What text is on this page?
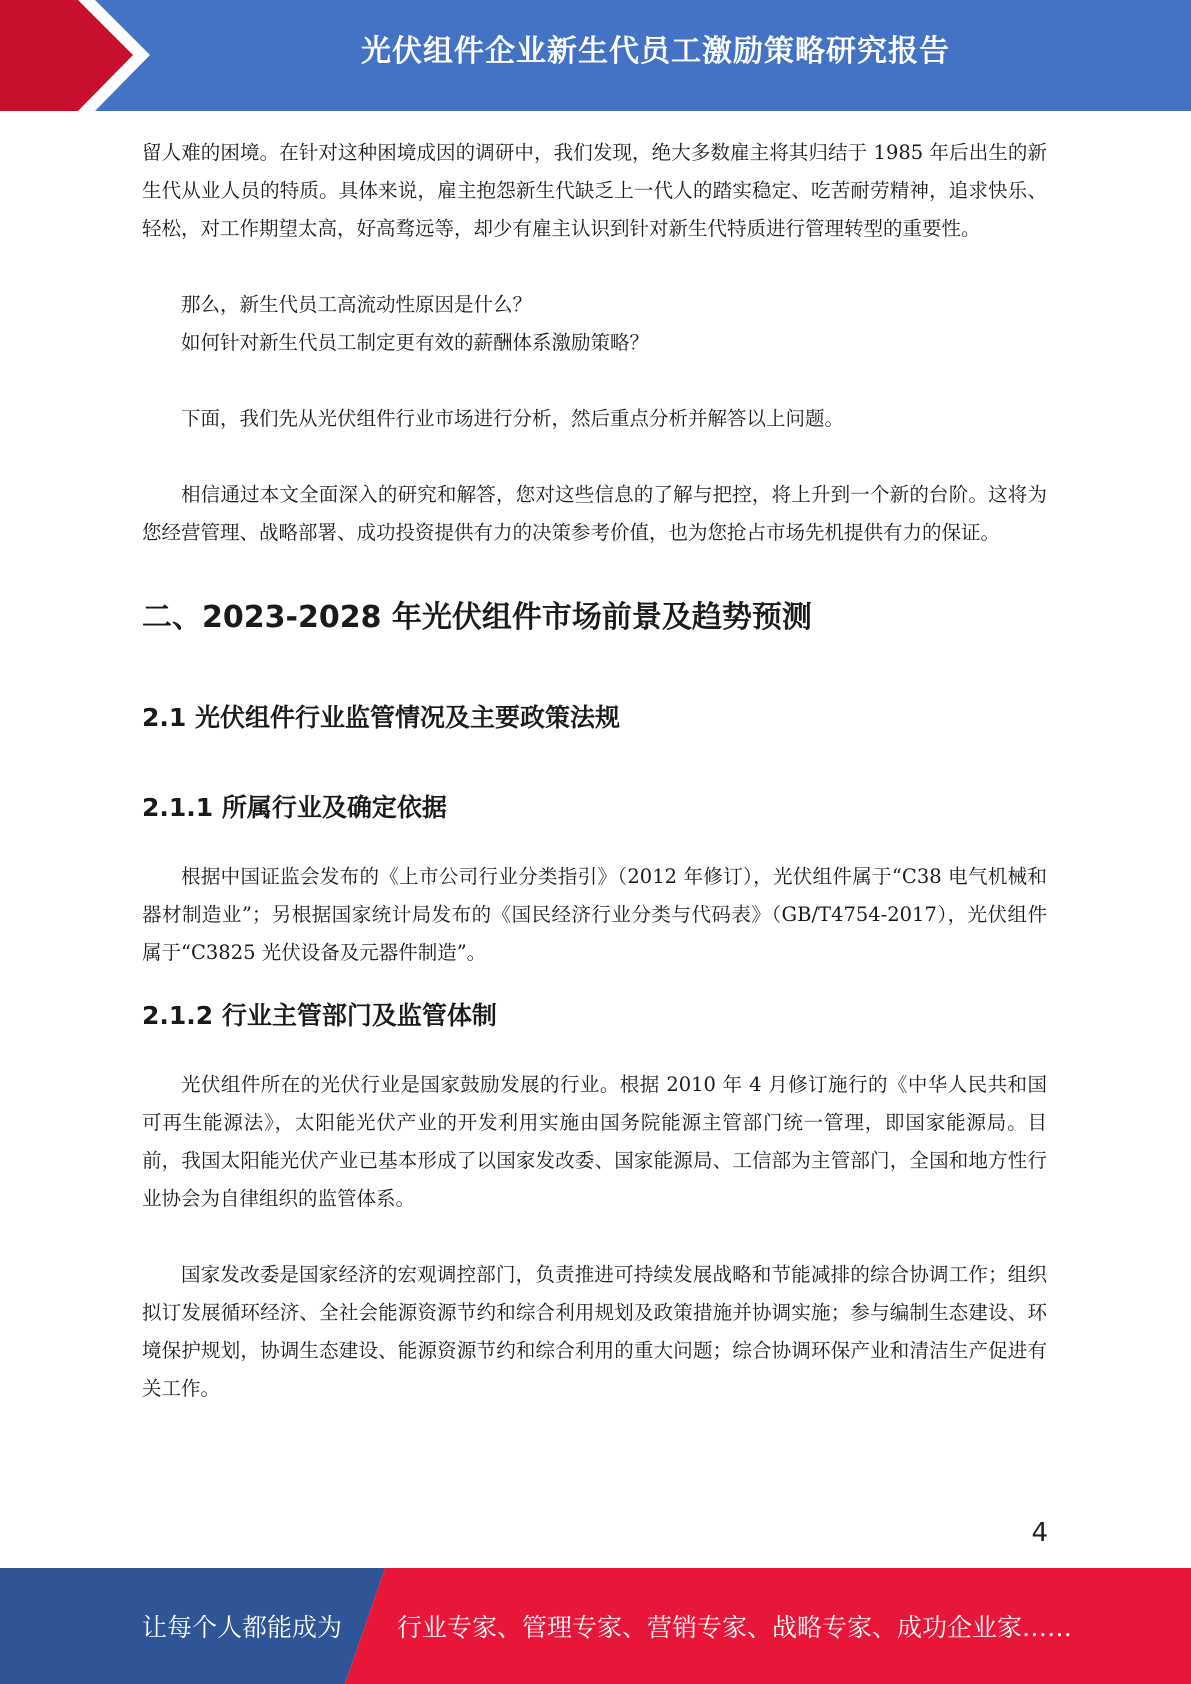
光伏组件企业新生代员工激励策略研究报告

留人难的困境。在针对这种困境成因的调研中，我们发现，绝大多数雇主将其归结于 1985 年后出生的新生代从业人员的特质。具体来说，雇主抱怨新生代缺乏上一代人的踏实稳定、吃苦耐劳精神，追求快乐、轻松，对工作期望太高，好高骛远等，却少有雇主认识到针对新生代特质进行管理转型的重要性。

那么，新生代员工高流动性原因是什么？

如何针对新生代员工制定更有效的薪酬体系激励策略？

下面，我们先从光伏组件行业市场进行分析，然后重点分析并解答以上问题。

相信通过本文全面深入的研究和解答，您对这些信息的了解与把控，将上升到一个新的台阶。这将为您经营管理、战略部署、成功投资提供有力的决策参考价值，也为您抢占市场先机提供有力的保证。

二、2023-2028 年光伏组件市场前景及趋势预测
2.1 光伏组件行业监管情况及主要政策法规
2.1.1 所属行业及确定依据

根据中国证监会发布的《上市公司行业分类指引》（2012 年修订），光伏组件属于“C38 电气机械和器材制造业”；另根据国家统计局发布的《国民经济行业分类与代码表》（GB/T4754-2017），光伏组件属于“C3825 光伏设备及元器件制造”。

2.1.2 行业主管部门及监管体制

光伏组件所在的光伏行业是国家鼓励发展的行业。根据 2010 年 4 月修订施行的《中华人民共和国可再生能源法》，太阳能光伏产业的开发利用实施由国务院能源主管部门统一管理，即国家能源局。目前，我国太阳能光伏产业已基本形成了以国家发改委、国家能源局、工信部为主管部门，全国和地方性行业协会为自律组织的监管体系。

国家发改委是国家经济的宏观调控部门，负责推进可持续发展战略和节能减排的综合协调工作；组织拟订发展循环经济、全社会能源资源节约和综合利用规划及政策措施并协调实施；参与编制生态建设、环境保护规划，协调生态建设、能源资源节约和综合利用的重大问题；综合协调环保产业和清洁生产促进有关工作。

4
让每个人都能成为 行业专家、管理专家、营销专家、战略专家、成功企业家……
